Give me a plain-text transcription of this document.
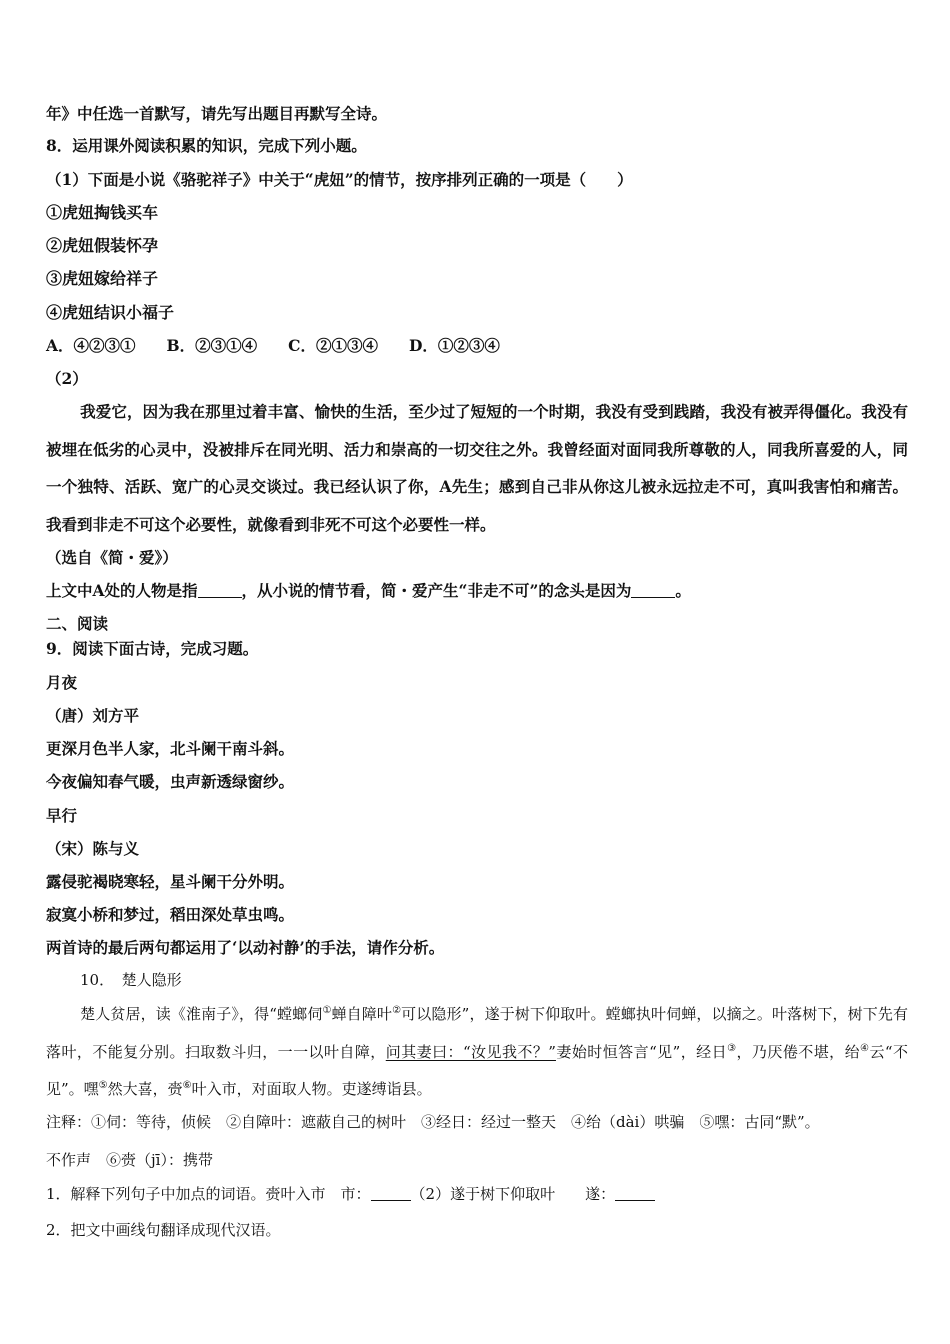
年》中任选一首默写，请先写出题目再默写全诗。
8．运用课外阅读积累的知识，完成下列小题。
（1）下面是小说《骆驼祥子》中关于“虎妞”的情节，按序排列正确的一项是（　　）
①虎妞掏钱买车
②虎妞假装怀孕
③虎妞嫁给祥子
④虎妞结识小福子
A．④②③①　　B．②③①④　　C．②①③④　　D．①②③④
（2）
我爱它，因为我在那里过着丰富、愉快的生活，至少过了短短的一个时期，我没有受到践踏，我没有被弄得僵化。我没有被埋在低劣的心灵中，没被排斥在同光明、活力和崇高的一切交往之外。我曾经面对面同我所尊敬的人，同我所喜爱的人，同一个独特、活跃、宽广的心灵交谈过。我已经认识了你，A先生；感到自己非从你这儿被永远拉走不可，真叫我害怕和痛苦。我看到非走不可这个必要性，就像看到非死不可这个必要性一样。
（选自《简・爱》）
上文中A处的人物是指	，从小说的情节看，简・爱产生“非走不可”的念头是因为	。
二、阅读
9．阅读下面古诗，完成习题。
月夜
（唐）刘方平
更深月色半人家，北斗阑干南斗斜。
今夜偏知春气暖，虫声新透绿窗纱。
早行
（宋）陈与义
露侵驼褐晓寒轻，星斗阑干分外明。
寂寞小桥和梦过，稻田深处草虫鸣。
两首诗的最后两句都运用了‘以动衬静’的手法，请作分析。
10．　楚人隐形
楚人贫居，读《淮南子》，得“螳螂伺①蝉自障叶②可以隐形”，遂于树下仰取叶。螳螂执叶伺蝉，以摘之。叶落树下，树下先有落叶，不能复分别。扫取数斗归，一一以叶自障，问其妻曰：“汝见我不？”妻始时恒答言“见”，经日③，乃厌倦不堪，绐④云“不见”。嘿⑤然大喜，赍⑥叶入市，对面取人物。吏遂缚诣县。
注释：①伺：等待，侦候　②自障叶：遮蔽自己的树叶　③经日：经过一整天　④绐（dài）哄骗　⑤嘿：古同“默”。
不作声　⑥赍（jī）：携带
1．解释下列句子中加点的词语。赍叶入市　市：	（2）遂于树下仰取叶　　遂：
2．把文中画线句翻译成现代汉语。
